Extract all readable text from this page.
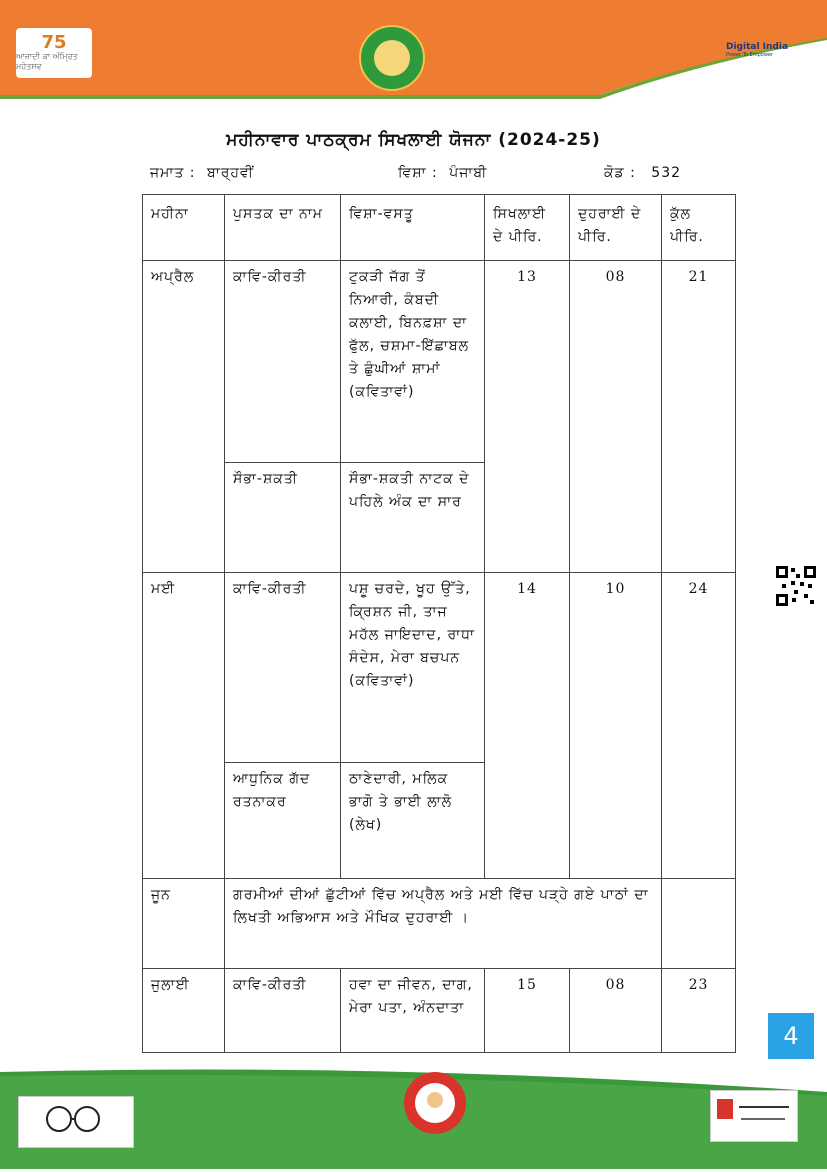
75
ਆਜ਼ਾਦੀ ਕਾ ਅੰਮ੍ਰਿਤ ਮਹੋਤਸਵ
Digital India
Power To Empower
ਮਹੀਨਾਵਾਰ ਪਾਠਕ੍ਰਮ ਸਿਖਲਾਈ ਯੋਜਨਾ (2024-25)
ਜਮਾਤ : ਬਾਰ੍ਹਵੀਂ	ਵਿਸ਼ਾ : ਪੰਜਾਬੀ	ਕੋਡ : 532
ਮਹੀਨਾ	ਪੁਸਤਕ ਦਾ ਨਾਮ	ਵਿਸ਼ਾ-ਵਸਤੂ	ਸਿਖਲਾਈ ਦੇ ਪੀਰਿ.	ਦੁਹਰਾਈ ਦੇ ਪੀਰਿ.	ਕੁੱਲ ਪੀਰਿ.
ਅਪ੍ਰੈਲ	ਕਾਵਿ-ਕੀਰਤੀ	ਟੁਕੜੀ ਜੱਗ ਤੋਂ ਨਿਆਰੀ, ਕੰਬਦੀ ਕਲਾਈ, ਬਿਨਫ਼ਸ਼ਾ ਦਾ ਫੁੱਲ, ਚਸ਼ਮਾ-ਇੱਛਾਬਲ ਤੇ ਛੁੰਘੀਆਂ ਸ਼ਾਮਾਂ (ਕਵਿਤਾਵਾਂ)	13	08	21
	ਸੌਭਾ-ਸ਼ਕਤੀ	ਸੌਭਾ-ਸ਼ਕਤੀ ਨਾਟਕ ਦੇ ਪਹਿਲੇ ਅੰਕ ਦਾ ਸਾਰ			
ਮਈ	ਕਾਵਿ-ਕੀਰਤੀ	ਪਸ਼ੂ ਚਰਦੇ, ਖੂਹ ਉੱਤੇ, ਕ੍ਰਿਸ਼ਨ ਜੀ, ਤਾਜ ਮਹੱਲ ਜਾਇਦਾਦ, ਰਾਧਾ ਸੰਦੇਸ, ਮੇਰਾ ਬਚਪਨ (ਕਵਿਤਾਵਾਂ)	14	10	24
	ਆਧੁਨਿਕ ਗੱਦ ਰਤਨਾਕਰ	ਠਾਣੇਦਾਰੀ, ਮਲਿਕ ਭਾਗੋ ਤੇ ਭਾਈ ਲਾਲੋ (ਲੇਖ)			
ਜੂਨ	ਗਰਮੀਆਂ ਦੀਆਂ ਛੁੱਟੀਆਂ ਵਿੱਚ ਅਪ੍ਰੈਲ ਅਤੇ ਮਈ ਵਿੱਚ ਪੜ੍ਹੇ ਗਏ ਪਾਠਾਂ ਦਾ ਲਿਖਤੀ ਅਭਿਆਸ ਅਤੇ ਮੌਖਿਕ ਦੁਹਰਾਈ ।				
ਜੁਲਾਈ	ਕਾਵਿ-ਕੀਰਤੀ	ਹਵਾ ਦਾ ਜੀਵਨ, ਦਾਗ, ਮੇਰਾ ਪਤਾ, ਅੰਨਦਾਤਾ	15	08	23
4
